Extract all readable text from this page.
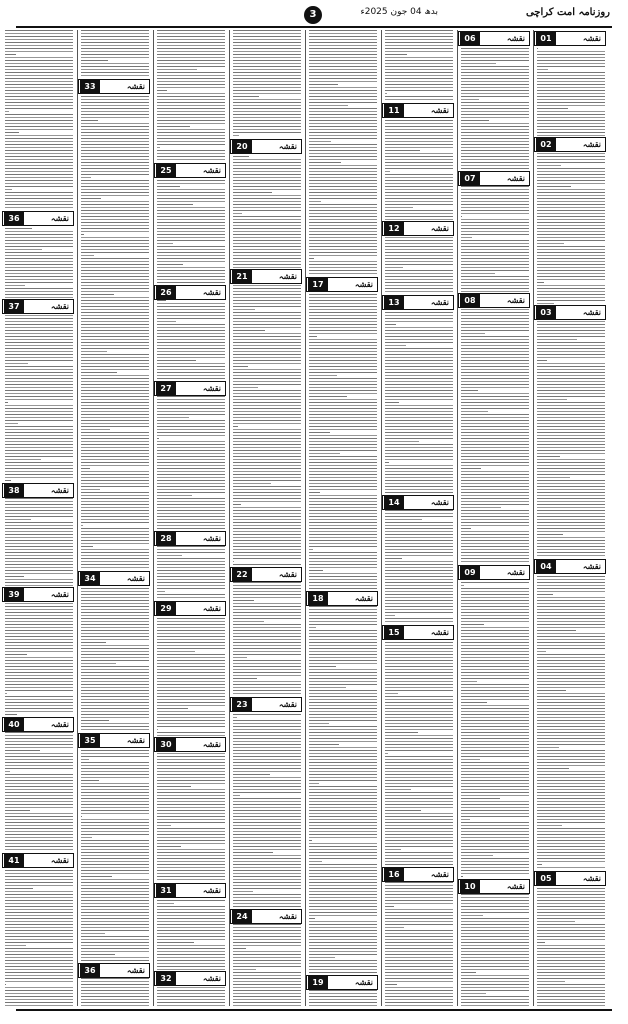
روزنامہ امت کراچی
بدھ 04 جون 2025ء
3
نقشہ
01
نقشہ
02
نقشہ
03
نقشہ
04
نقشہ
05
نقشہ
06
نقشہ
07
نقشہ
08
نقشہ
09
نقشہ
10
نقشہ
11
نقشہ
12
نقشہ
13
نقشہ
14
نقشہ
15
نقشہ
16
نقشہ
17
نقشہ
18
نقشہ
19
نقشہ
20
نقشہ
21
نقشہ
22
نقشہ
23
نقشہ
24
نقشہ
25
نقشہ
26
نقشہ
27
نقشہ
28
نقشہ
29
نقشہ
30
نقشہ
31
نقشہ
32
نقشہ
33
نقشہ
34
نقشہ
35
نقشہ
36
نقشہ
36
نقشہ
37
نقشہ
38
نقشہ
39
نقشہ
40
نقشہ
41
